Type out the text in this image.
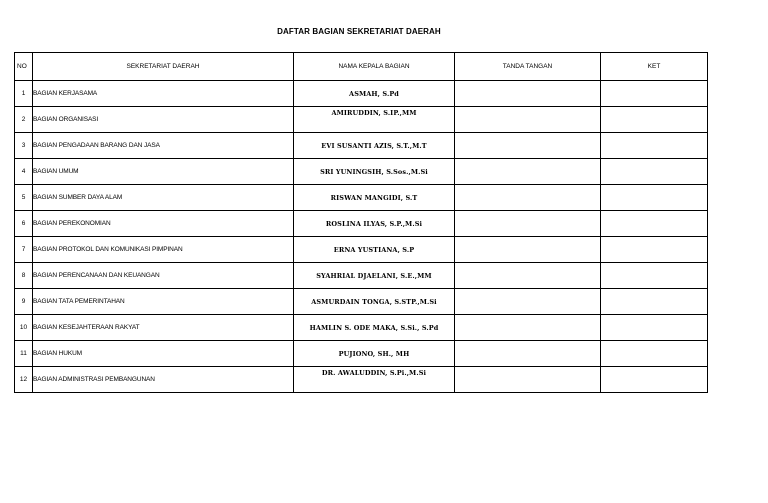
DAFTAR BAGIAN SEKRETARIAT DAERAH
NO	SEKRETARIAT DAERAH	NAMA KEPALA BAGIAN	TANDA TANGAN	KET
1	BAGIAN KERJASAMA	ASMAH, S.Pd		
2	BAGIAN ORGANISASI	AMIRUDDIN, S.IP.,MM		
3	BAGIAN PENGADAAN BARANG DAN JASA	EVI SUSANTI AZIS, S.T.,M.T		
4	BAGIAN UMUM	SRI YUNINGSIH, S.Sos.,M.Si		
5	BAGIAN SUMBER DAYA ALAM	RISWAN MANGIDI, S.T		
6	BAGIAN PEREKONOMIAN	ROSLINA ILYAS, S.P.,M.Si		
7	BAGIAN PROTOKOL DAN KOMUNIKASI PIMPINAN	ERNA YUSTIANA, S.P		
8	BAGIAN PERENCANAAN DAN KEUANGAN	SYAHRIAL DJAELANI, S.E.,MM		
9	BAGIAN TATA PEMERINTAHAN	ASMURDAIN TONGA, S.STP.,M.Si		
10	BAGIAN KESEJAHTERAAN RAKYAT	HAMLIN S. ODE MAKA, S.Si., S.Pd		
11	BAGIAN HUKUM	PUJIONO, SH., MH		
12	BAGIAN ADMINISTRASI PEMBANGUNAN	DR. AWALUDDIN, S.Pi.,M.Si		
